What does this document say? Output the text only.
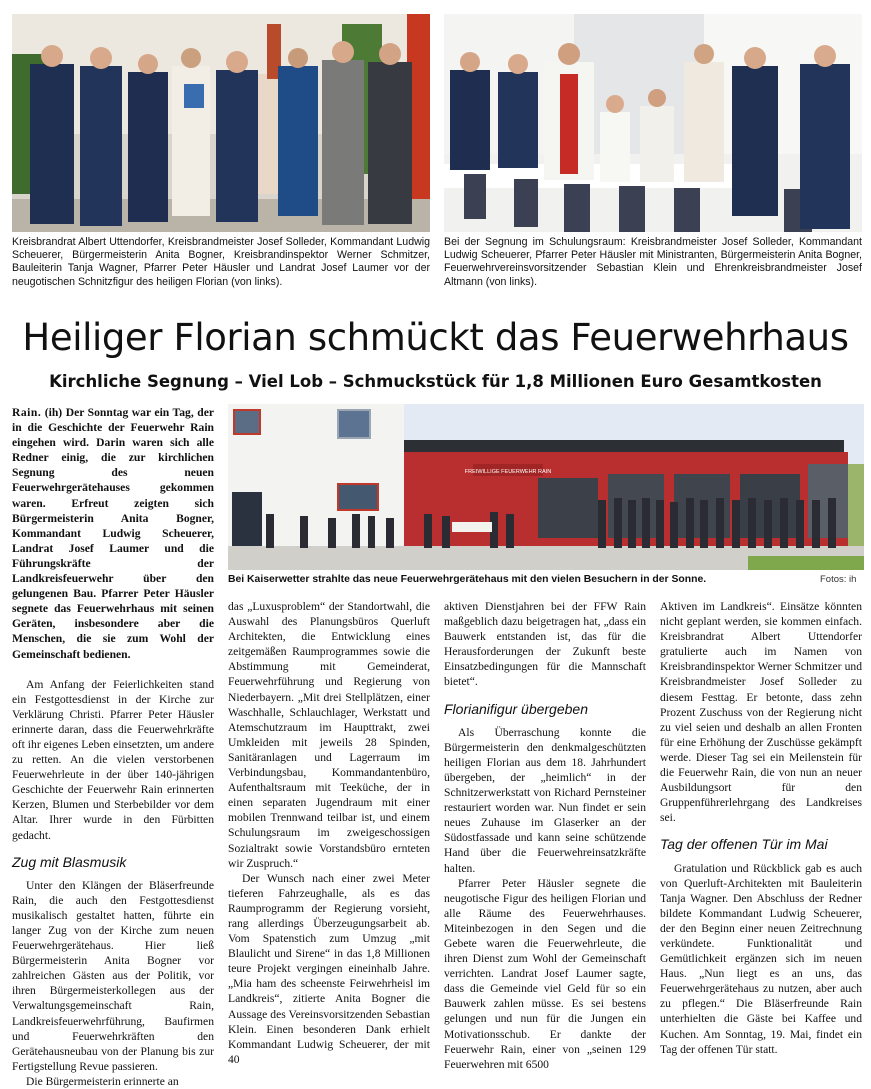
Kreisbrandrat Albert Uttendorfer, Kreisbrandmeister Josef Solleder, Kommandant Ludwig Scheuerer, Bürgermeisterin Anita Bogner, Kreisbrandinspektor Werner Schmitzer, Bauleiterin Tanja Wagner, Pfarrer Peter Häusler und Landrat Josef Laumer vor der neugotischen Schnitzfigur des heiligen Florian (von links).
Bei der Segnung im Schulungsraum: Kreisbrandmeister Josef Solleder, Kommandant Ludwig Scheuerer, Pfarrer Peter Häusler mit Ministranten, Bürgermeisterin Anita Bogner, Feuerwehrvereinsvorsitzender Sebastian Klein und Ehrenkreisbrandmeister Josef Altmann (von links).
Heiliger Florian schmückt das Feuerwehrhaus
Kirchliche Segnung – Viel Lob – Schmuckstück für 1,8 Millionen Euro Gesamtkosten
FREIWILLIGE FEUERWEHR RAIN
Bei Kaiserwetter strahlte das neue Feuerwehrgerätehaus mit den vielen Besuchern in der Sonne.	Fotos: ih

Rain. (ih) Der Sonntag war ein Tag, der in die Geschichte der Feuerwehr Rain eingehen wird. Darin waren sich alle Redner einig, die zur kirchlichen Segnung des neuen Feuerwehrgerätehauses gekommen waren. Erfreut zeigten sich Bürgermeisterin Anita Bogner, Kommandant Ludwig Scheuerer, Landrat Josef Laumer und die Führungskräfte der Landkreisfeuerwehr über den gelungenen Bau. Pfarrer Peter Häusler segnete das Feuerwehrhaus mit seinen Geräten, insbesondere aber die Menschen, die sie zum Wohl der Gemeinschaft bedienen.

Am Anfang der Feierlichkeiten stand ein Festgottesdienst in der Kirche zur Verklärung Christi. Pfarrer Peter Häusler erinnerte daran, dass die Feuerwehrkräfte oft ihr eigenes Leben einsetzten, um andere zu retten. An die vielen verstorbenen Feuerwehrleute in der über 140-jährigen Geschichte der Feuerwehr Rain erinnerten Kerzen, Blumen und Sterbebilder vor dem Altar. Ihrer wurde in den Fürbitten gedacht.

Zug mit Blasmusik

Unter den Klängen der Bläserfreunde Rain, die auch den Festgottesdienst musikalisch gestaltet hatten, führte ein langer Zug von der Kirche zum neuen Feuerwehrgerätehaus. Hier ließ Bürgermeisterin Anita Bogner vor zahlreichen Gästen aus der Politik, vor ihren Bürgermeisterkollegen aus der Verwaltungsgemeinschaft Rain, Landkreisfeuerwehrführung, Baufirmen und Feuerwehrkräften den Gerätehausneubau von der Planung bis zur Fertigstellung Revue passieren.

Die Bürgermeisterin erinnerte an

das „Luxusproblem“ der Standortwahl, die Auswahl des Planungsbüros Querluft Architekten, die Entwicklung eines zeitgemäßen Raumprogrammes sowie die Abstimmung mit Gemeinderat, Feuerwehrführung und Regierung von Niederbayern. „Mit drei Stellplätzen, einer Waschhalle, Schlauchlager, Werkstatt und Atemschutzraum im Haupttrakt, zwei Umkleiden mit jeweils 28 Spinden, Sanitäranlagen und Lagerraum im Verbindungsbau, Kommandantenbüro, Aufenthaltsraum mit Teeküche, der in einen separaten Jugendraum mit einer mobilen Trennwand teilbar ist, und einem Schulungsraum im zweigeschossigen Sozialtrakt sowie Vorstandsbüro ernteten wir Zuspruch.“

Der Wunsch nach einer zwei Meter tieferen Fahrzeughalle, als es das Raumprogramm der Regierung vorsieht, rang allerdings Überzeugungsarbeit ab. Vom Spatenstich zum Umzug „mit Blaulicht und Sirene“ in das 1,8 Millionen teure Projekt vergingen eineinhalb Jahre. „Mia ham des scheenste Feirwehrheisl im Landkreis“, zitierte Anita Bogner die Aussage des Vereinsvorsitzenden Sebastian Klein. Einen besonderen Dank erhielt Kommandant Ludwig Scheuerer, der mit 40

aktiven Dienstjahren bei der FFW Rain maßgeblich dazu beigetragen hat, „dass ein Bauwerk entstanden ist, das für die Herausforderungen der Zukunft beste Einsatzbedingungen für die Mannschaft bietet“.

Florianifigur übergeben

Als Überraschung konnte die Bürgermeisterin den denkmalgeschützten heiligen Florian aus dem 18. Jahrhundert übergeben, der „heimlich“ in der Schnitzerwerkstatt von Richard Pernsteiner restauriert worden war. Nun findet er sein neues Zuhause im Glaserker an der Südostfassade und kann seine schützende Hand über die Feuerwehreinsatzkräfte halten.

Pfarrer Peter Häusler segnete die neugotische Figur des heiligen Florian und alle Räume des Feuerwehrhauses. Miteinbezogen in den Segen und die Gebete waren die Feuerwehrleute, die ihren Dienst zum Wohl der Gemeinschaft verrichten. Landrat Josef Laumer sagte, dass die Gemeinde viel Geld für so ein Bauwerk zahlen müsse. Es sei bestens gelungen und nun für die Jungen ein Motivationsschub. Er dankte der Feuerwehr Rain, einer von „seinen 129 Feuerwehren mit 6500

Aktiven im Landkreis“. Einsätze könnten nicht geplant werden, sie kommen einfach. Kreisbrandrat Albert Uttendorfer gratulierte auch im Namen von Kreisbrandinspektor Werner Schmitzer und Kreisbrandmeister Josef Solleder zu diesem Festtag. Er betonte, dass zehn Prozent Zuschuss von der Regierung nicht zu viel seien und deshalb an allen Fronten für eine Erhöhung der Zuschüsse gekämpft werde. Dieser Tag sei ein Meilenstein für die Feuerwehr Rain, die von nun an neuer Ausbildungsort für den Gruppenführerlehrgang des Landkreises sei.

Tag der offenen Tür im Mai

Gratulation und Rückblick gab es auch von Querluft-Architekten mit Bauleiterin Tanja Wagner. Den Abschluss der Redner bildete Kommandant Ludwig Scheuerer, der den Beginn einer neuen Zeitrechnung verkündete. Funktionalität und Gemütlichkeit ergänzen sich im neuen Haus. „Nun liegt es an uns, das Feuerwehrgerätehaus zu nutzen, aber auch zu pflegen.“ Die Bläserfreunde Rain unterhielten die Gäste bei Kaffee und Kuchen. Am Sonntag, 19. Mai, findet ein Tag der offenen Tür statt.
